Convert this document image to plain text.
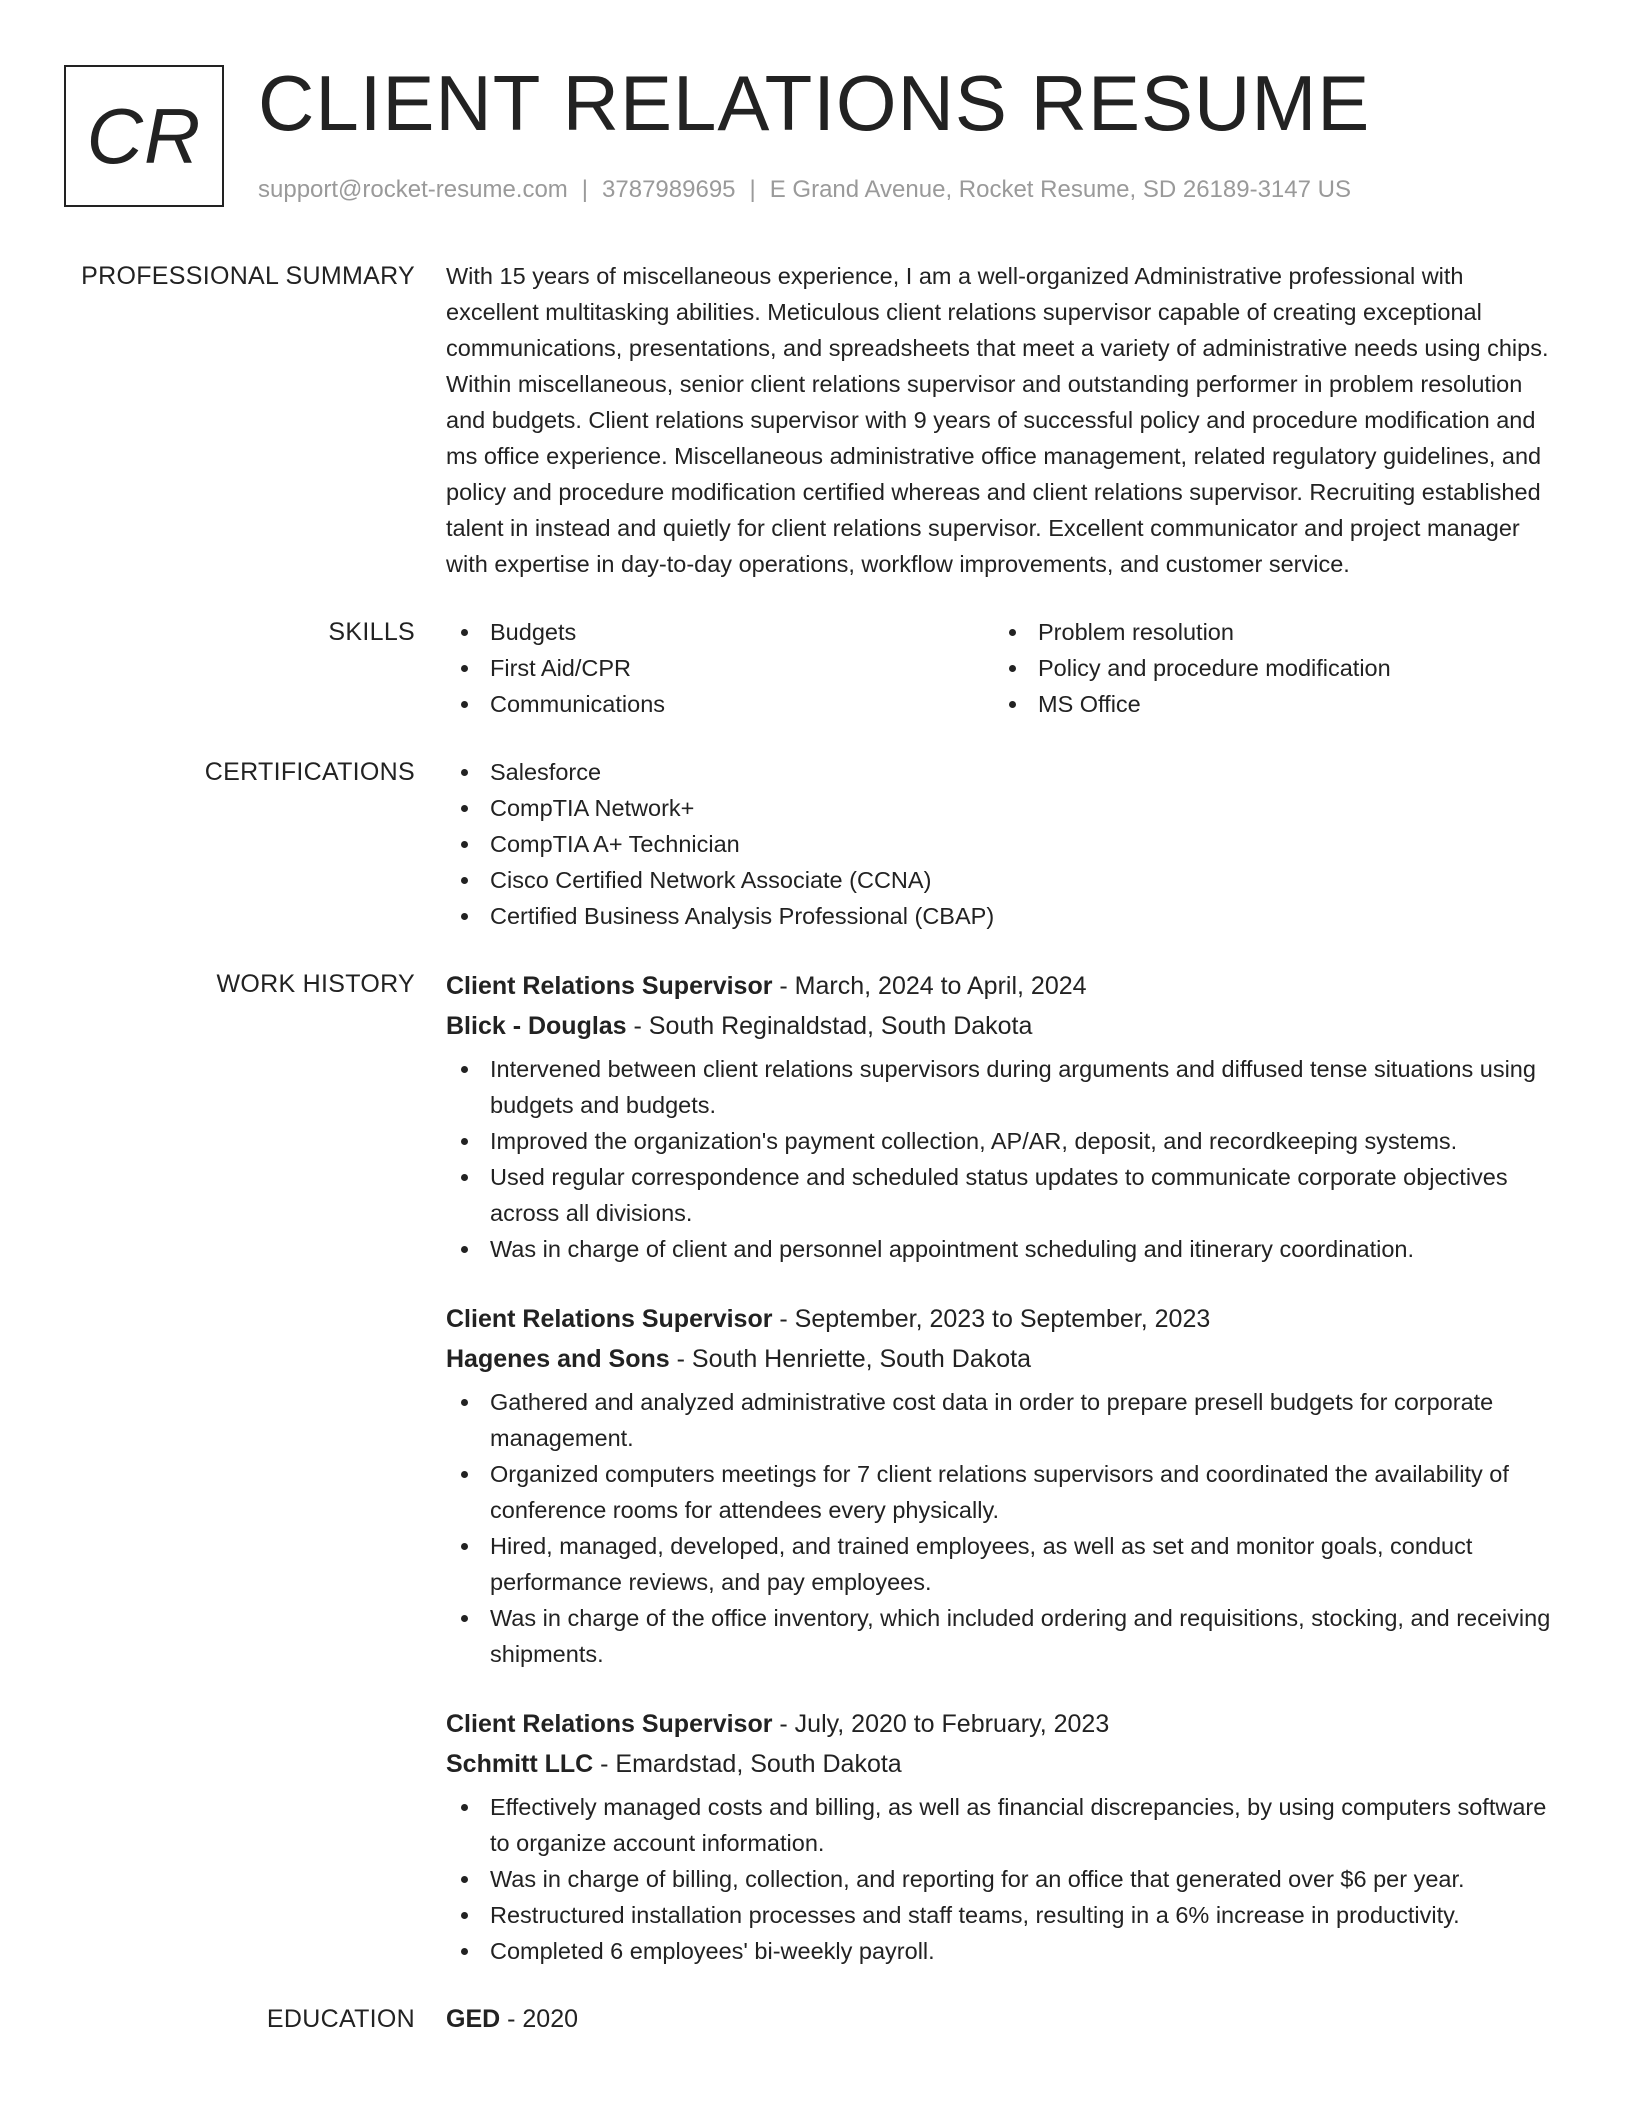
CR CLIENT RELATIONS RESUME
support@rocket-resume.com | 3787989695 | E Grand Avenue, Rocket Resume, SD 26189-3147 US
PROFESSIONAL SUMMARY With 15 years of miscellaneous experience, I am a well-organized Administrative professional with excellent multitasking abilities. Meticulous client relations supervisor capable of creating exceptional communications, presentations, and spreadsheets that meet a variety of administrative needs using chips. Within miscellaneous, senior client relations supervisor and outstanding performer in problem resolution and budgets. Client relations supervisor with 9 years of successful policy and procedure modification and ms office experience. Miscellaneous administrative office management, related regulatory guidelines, and policy and procedure modification certified whereas and client relations supervisor. Recruiting established talent in instead and quietly for client relations supervisor. Excellent communicator and project manager with expertise in day-to-day operations, workflow improvements, and customer service.

SKILLS	Budgets
First Aid/CPR
Communications
Problem resolution
Policy and procedure modification
MS Office
CERTIFICATIONS	Salesforce
CompTIA Network+
CompTIA A+ Technician
Cisco Certified Network Associate (CCNA)
Certified Business Analysis Professional (CBAP)
WORK HISTORY Client Relations Supervisor - March, 2024 to April, 2024
Blick - Douglas - South Reginaldstad, South Dakota
Intervened between client relations supervisors during arguments and diffused tense situations using budgets and budgets.
Improved the organization's payment collection, AP/AR, deposit, and recordkeeping systems.
Used regular correspondence and scheduled status updates to communicate corporate objectives across all divisions.
Was in charge of client and personnel appointment scheduling and itinerary coordination.
Client Relations Supervisor - September, 2023 to September, 2023
Hagenes and Sons - South Henriette, South Dakota
Gathered and analyzed administrative cost data in order to prepare presell budgets for corporate management.
Organized computers meetings for 7 client relations supervisors and coordinated the availability of conference rooms for attendees every physically.
Hired, managed, developed, and trained employees, as well as set and monitor goals, conduct performance reviews, and pay employees.
Was in charge of the office inventory, which included ordering and requisitions, stocking, and receiving shipments.
Client Relations Supervisor - July, 2020 to February, 2023
Schmitt LLC - Emardstad, South Dakota
Effectively managed costs and billing, as well as financial discrepancies, by using computers software to organize account information.
Was in charge of billing, collection, and reporting for an office that generated over $6 per year.
Restructured installation processes and staff teams, resulting in a 6% increase in productivity.
Completed 6 employees' bi-weekly payroll.
EDUCATION GED - 2020
